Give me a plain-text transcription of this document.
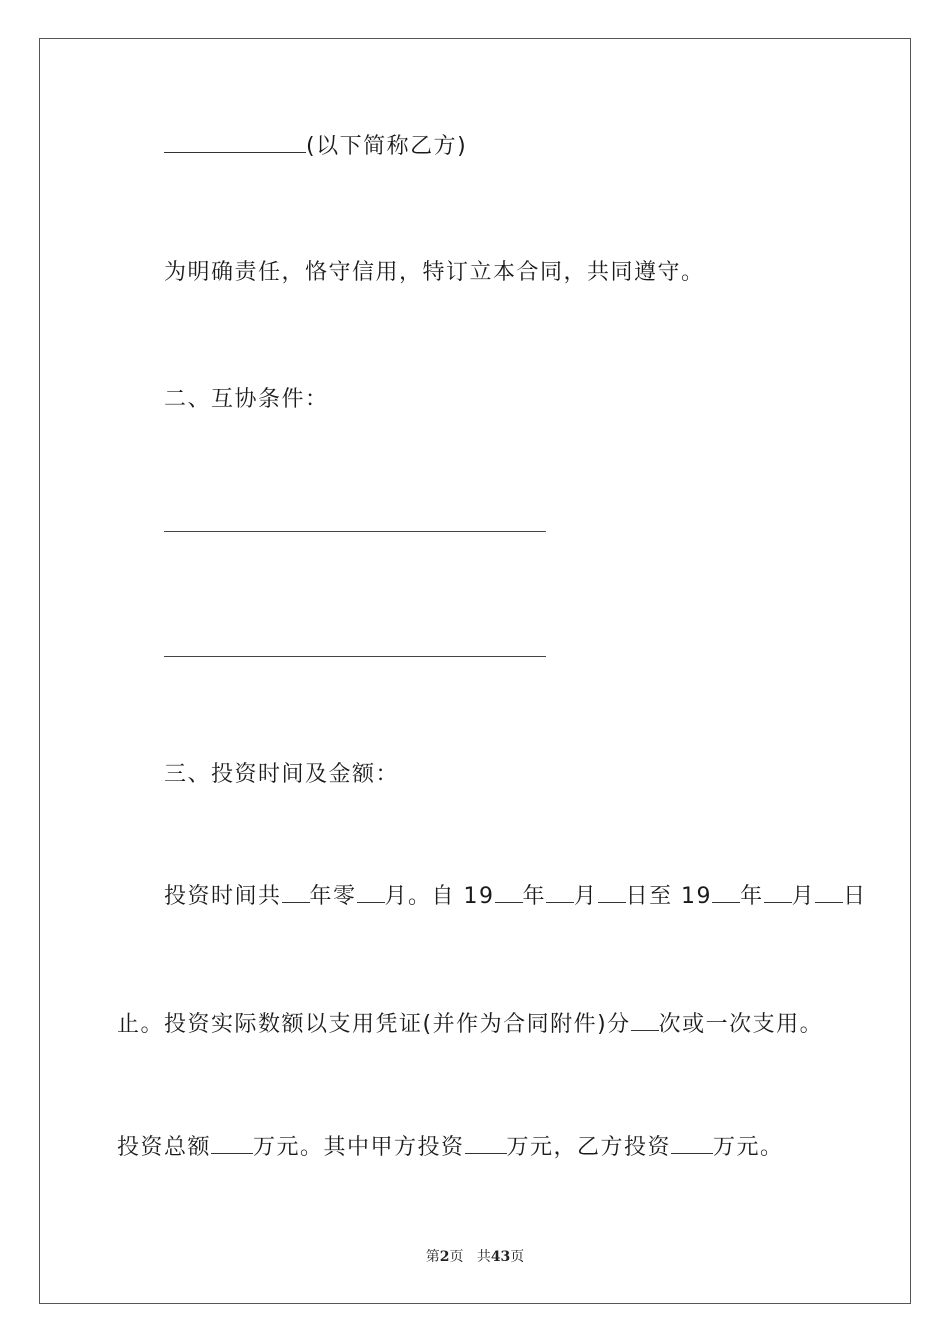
(以下简称乙方)
为明确责任，恪守信用，特订立本合同，共同遵守。
二、互协条件：
三、投资时间及金额：
投资时间共 年零 月。自 19 年 月 日至 19 年 月 日
止。投资实际数额以支用凭证(并作为合同附件)分 次或一次支用。
投资总额 万元。其中甲方投资 万元，乙方投资 万元。
第2页 共43页
